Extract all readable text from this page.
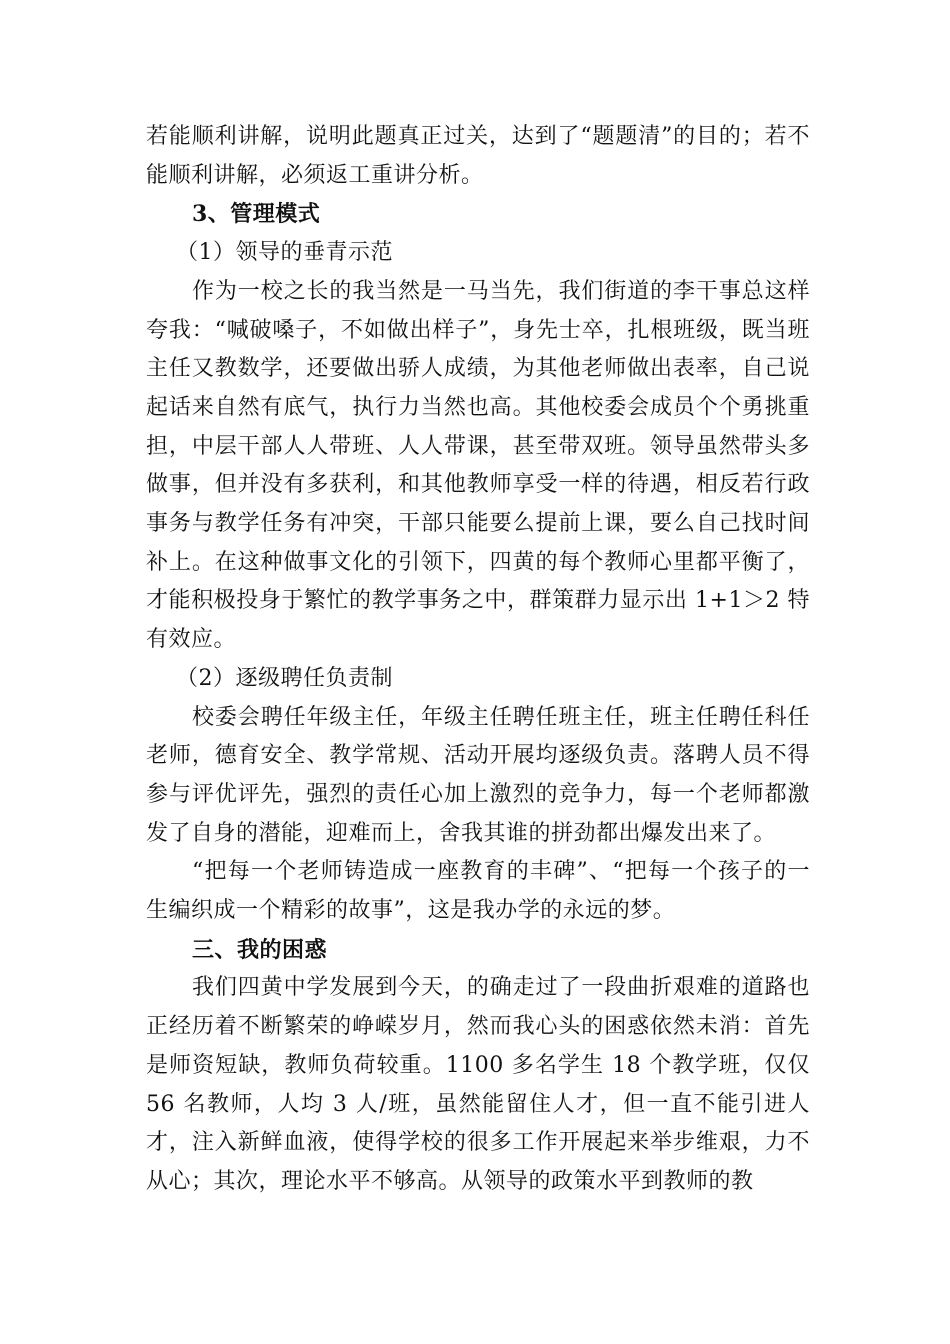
若能顺利讲解，说明此题真正过关，达到了“题题清”的目的；若不能顺利讲解，必须返工重讲分析。

3、管理模式

（1）领导的垂青示范

作为一校之长的我当然是一马当先，我们街道的李干事总这样夸我：“喊破嗓子，不如做出样子”，身先士卒，扎根班级，既当班主任又教数学，还要做出骄人成绩，为其他老师做出表率，自己说起话来自然有底气，执行力当然也高。其他校委会成员个个勇挑重担，中层干部人人带班、人人带课，甚至带双班。领导虽然带头多做事，但并没有多获利，和其他教师享受一样的待遇，相反若行政事务与教学任务有冲突，干部只能要么提前上课，要么自己找时间补上。在这种做事文化的引领下，四黄的每个教师心里都平衡了，才能积极投身于繁忙的教学事务之中，群策群力显示出 1+1＞2 特有效应。

（2）逐级聘任负责制

校委会聘任年级主任，年级主任聘任班主任，班主任聘任科任老师，德育安全、教学常规、活动开展均逐级负责。落聘人员不得参与评优评先，强烈的责任心加上激烈的竞争力，每一个老师都激发了自身的潜能，迎难而上，舍我其谁的拼劲都出爆发出来了。

“把每一个老师铸造成一座教育的丰碑”、“把每一个孩子的一生编织成一个精彩的故事”，这是我办学的永远的梦。

三、我的困惑

我们四黄中学发展到今天，的确走过了一段曲折艰难的道路也正经历着不断繁荣的峥嵘岁月，然而我心头的困惑依然未消：首先是师资短缺，教师负荷较重。1100 多名学生 18 个教学班，仅仅 56 名教师，人均 3 人/班，虽然能留住人才，但一直不能引进人才，注入新鲜血液，使得学校的很多工作开展起来举步维艰，力不从心；其次，理论水平不够高。从领导的政策水平到教师的教
